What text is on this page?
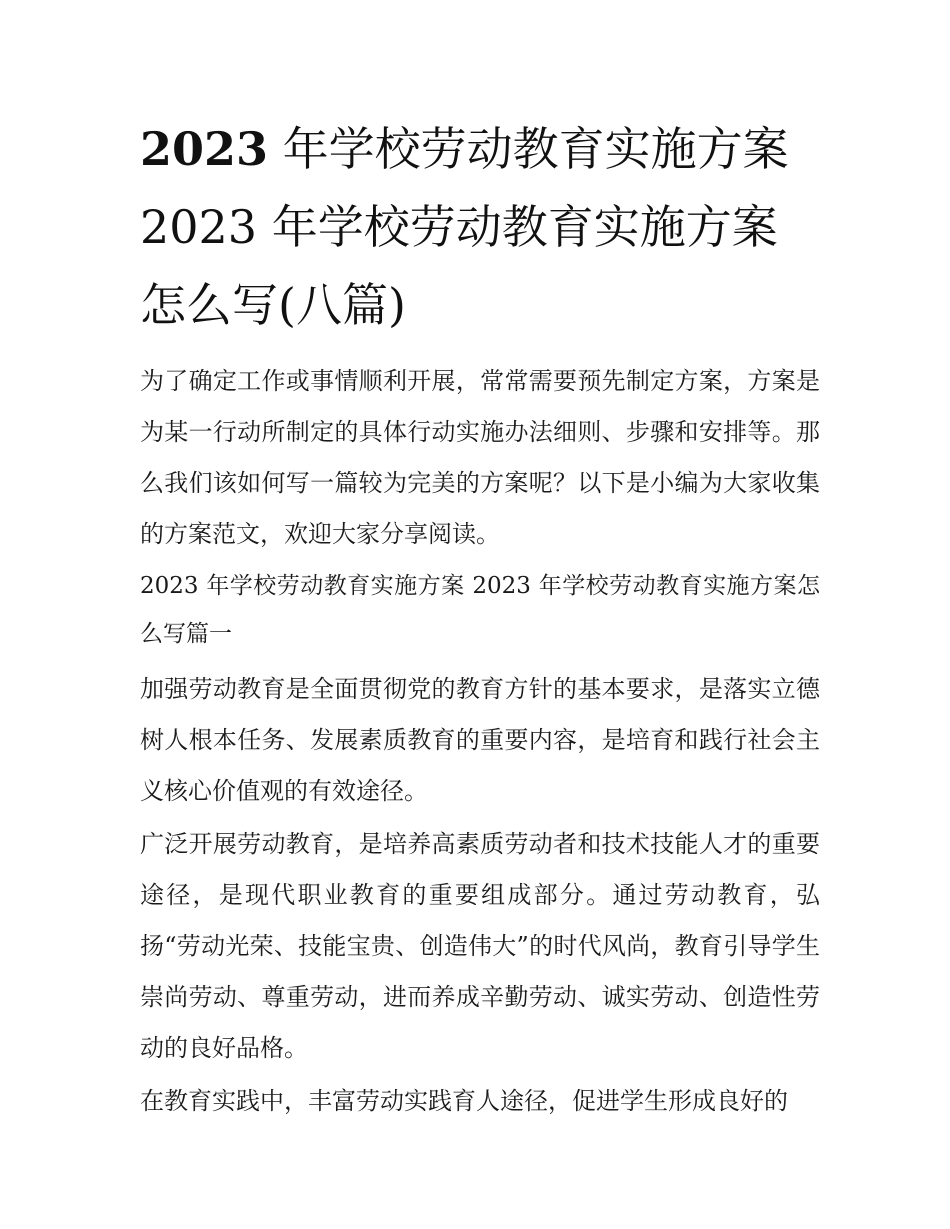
2023 年学校劳动教育实施方案 2023 年学校劳动教育实施方案怎么写(八篇)

为了确定工作或事情顺利开展，常常需要预先制定方案，方案是为某一行动所制定的具体行动实施办法细则、步骤和安排等。那么我们该如何写一篇较为完美的方案呢？以下是小编为大家收集的方案范文，欢迎大家分享阅读。

2023 年学校劳动教育实施方案 2023 年学校劳动教育实施方案怎么写篇一

加强劳动教育是全面贯彻党的教育方针的基本要求，是落实立德树人根本任务、发展素质教育的重要内容，是培育和践行社会主义核心价值观的有效途径。

广泛开展劳动教育，是培养高素质劳动者和技术技能人才的重要途径，是现代职业教育的重要组成部分。通过劳动教育，弘扬“劳动光荣、技能宝贵、创造伟大”的时代风尚，教育引导学生崇尚劳动、尊重劳动，进而养成辛勤劳动、诚实劳动、创造性劳动的良好品格。

在教育实践中，丰富劳动实践育人途径，促进学生形成良好的
